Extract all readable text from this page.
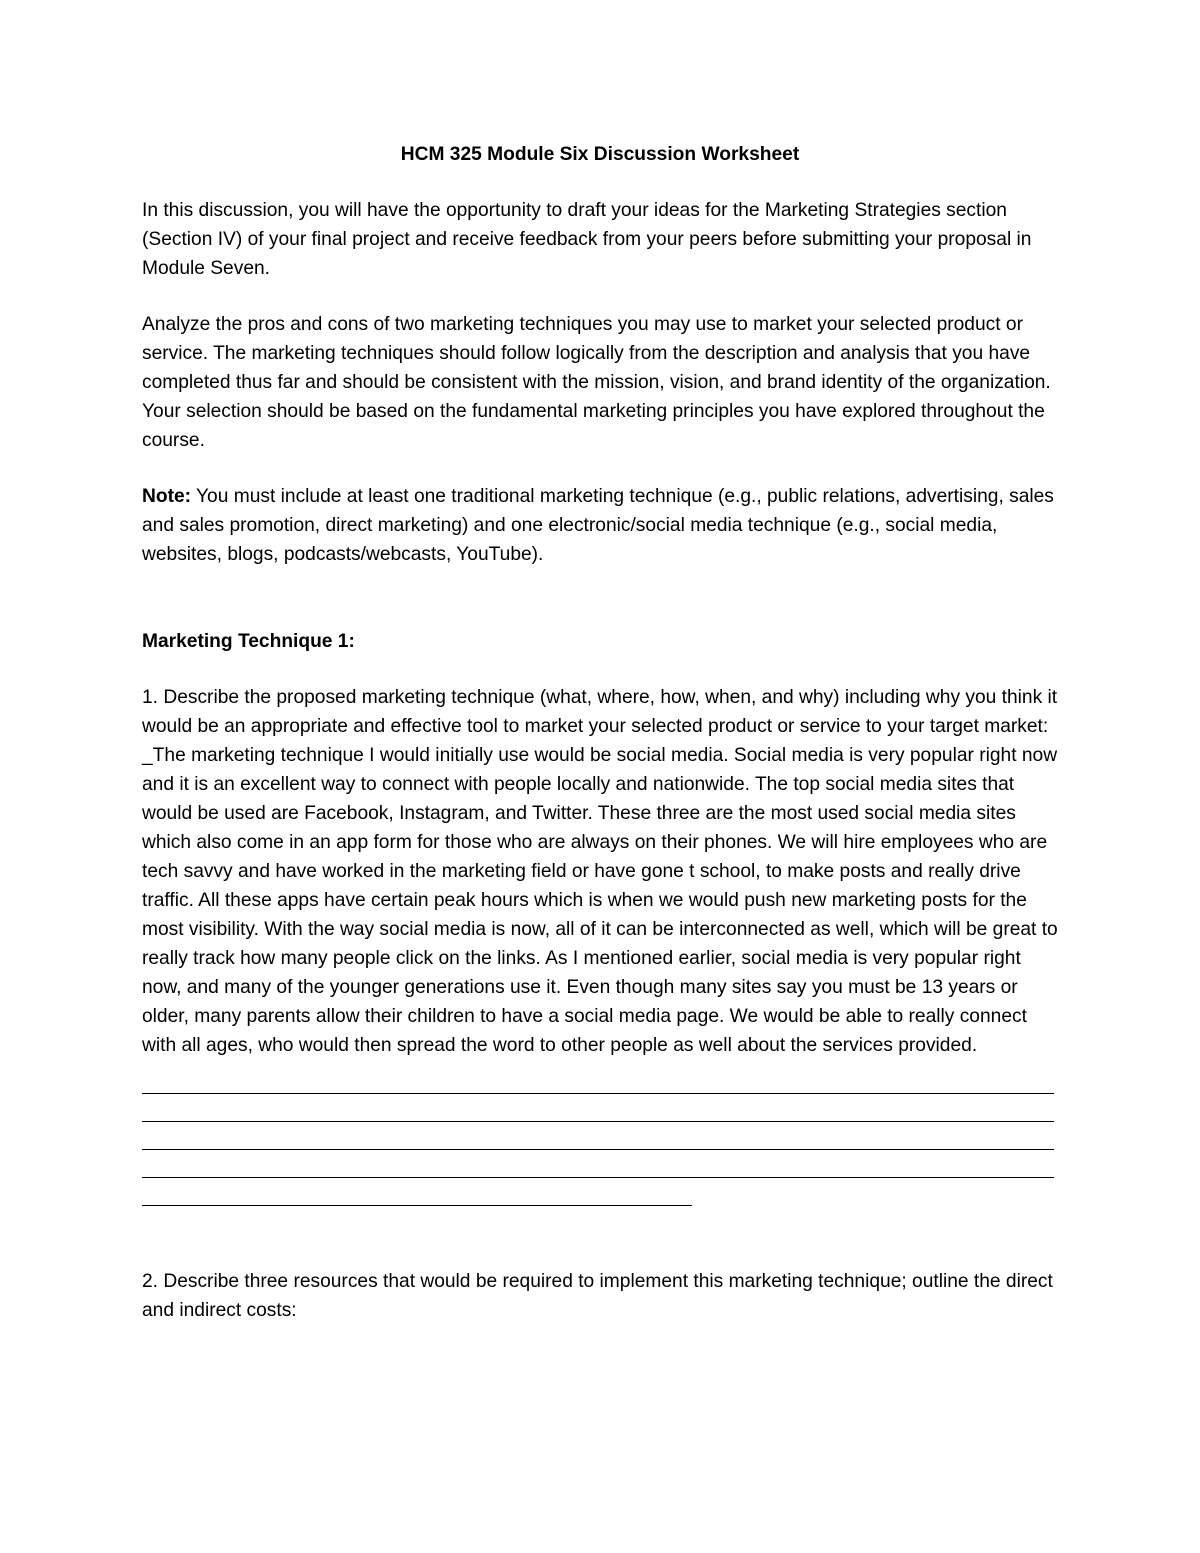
HCM 325 Module Six Discussion Worksheet
In this discussion, you will have the opportunity to draft your ideas for the Marketing Strategies section (Section IV) of your final project and receive feedback from your peers before submitting your proposal in Module Seven.
Analyze the pros and cons of two marketing techniques you may use to market your selected product or service. The marketing techniques should follow logically from the description and analysis that you have completed thus far and should be consistent with the mission, vision, and brand identity of the organization. Your selection should be based on the fundamental marketing principles you have explored throughout the course.
Note: You must include at least one traditional marketing technique (e.g., public relations, advertising, sales and sales promotion, direct marketing) and one electronic/social media technique (e.g., social media, websites, blogs, podcasts/webcasts, YouTube).
Marketing Technique 1:
1. Describe the proposed marketing technique (what, where, how, when, and why) including why you think it would be an appropriate and effective tool to market your selected product or service to your target market:
_The marketing technique I would initially use would be social media. Social media is very popular right now and it is an excellent way to connect with people locally and nationwide. The top social media sites that would be used are Facebook, Instagram, and Twitter. These three are the most used social media sites which also come in an app form for those who are always on their phones. We will hire employees who are tech savvy and have worked in the marketing field or have gone t school, to make posts and really drive traffic. All these apps have certain peak hours which is when we would push new marketing posts for the most visibility. With the way social media is now, all of it can be interconnected as well, which will be great to really track how many people click on the links. As I mentioned earlier, social media is very popular right now, and many of the younger generations use it. Even though many sites say you must be 13 years or older, many parents allow their children to have a social media page. We would be able to really connect with all ages, who would then spread the word to other people as well about the services provided.
2. Describe three resources that would be required to implement this marketing technique; outline the direct and indirect costs:
